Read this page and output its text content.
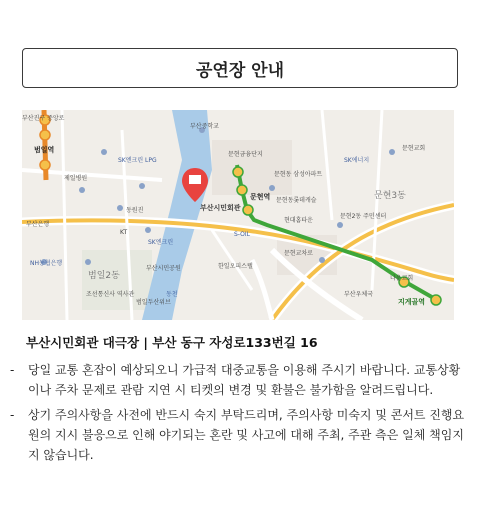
공연장 안내
부산시민회관
범일역
문현역
지게골역
범일2동
문현3동
문현교차로
부산은행
SK엔크린 LPG
동원진
부산중학교
문현금융단지
NH농협은행
SK엔크린
부산시민공원
KT	S-OIL
한일오피스텔
현대홈타운
부산진구 중앙로
제일병원
나운교회
SK에너지
문현동 삼성아파트
문현동롯데캐슬
문현2동 주민센터
동천
문현교회
부산우체국
조선통신사 역사관
범일두산위브
부산시민회관 대극장 | 부산 동구 자성로133번길 16
-	당일 교통 혼잡이 예상되오니 가급적 대중교통을 이용해 주시기 바랍니다. 교통상황이나 주차 문제로 관람 지연 시 티켓의 변경 및 환불은 불가함을 알려드립니다.
-	상기 주의사항을 사전에 반드시 숙지 부탁드리며, 주의사항 미숙지 및 콘서트 진행요원의 지시 불응으로 인해 야기되는 혼란 및 사고에 대해 주최, 주관 측은 일체 책임지지 않습니다.
